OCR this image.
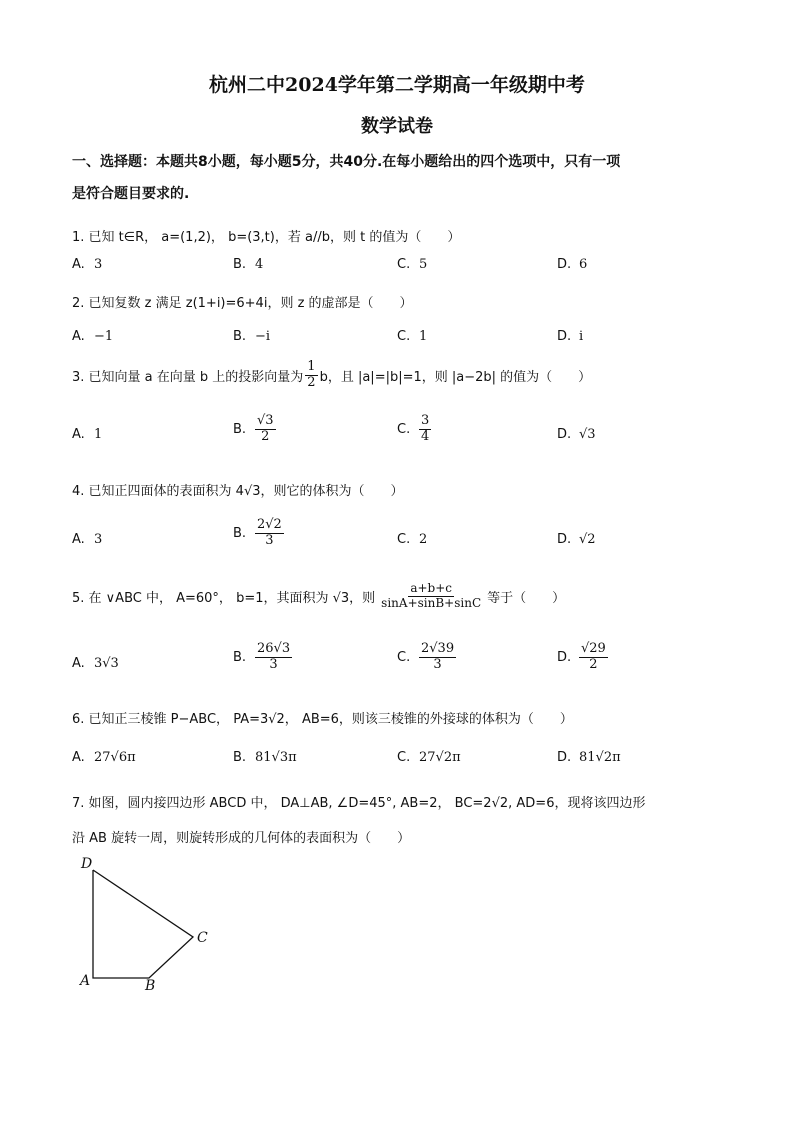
杭州二中2024学年第二学期高一年级期中考
数学试卷
一、选择题：本题共8小题，每小题5分，共40分.在每小题给出的四个选项中，只有一项
是符合题目要求的.
1. 已知 t∈R， a=(1,2)， b=(3,t)，若 a//b，则 t 的值为（　　）
A. 3	B. 4	C. 5	D. 6
2. 已知复数 z 满足 z(1+i)=6+4i，则 z 的虚部是（　　）
A. −1	B. −i	C. 1	D. i
3. 已知向量 a 在向量 b 上的投影向量为 $\frac{1}{2}$ b，且 |a|=|b|=1，则 |a−2b| 的值为（　　）
A. 1	B. $\frac{√3}{2}$	C. $\frac{3}{4}$	D. √3
4. 已知正四面体的表面积为 4√3，则它的体积为（　　）
A. 3	B. $\frac{2√2}{3}$	C. 2	D. √2
5. 在 ∨ABC 中， A=60°， b=1，其面积为 √3，则 $\frac{a+b+c}{\sin A+\sin B+\sin C}$ 等于（　　）
A. 3√3	B. $\frac{26√3}{3}$	C. $\frac{2√39}{3}$	D. $\frac{√29}{2}$
6. 已知正三棱锥 P−ABC， PA=3√2， AB=6，则该三棱锥的外接球的体积为（　　）
A. 27√6π	B. 81√3π	C. 27√2π	D. 81√2π
7. 如图，圆内接四边形 ABCD 中， DA⊥AB, ∠D=45°, AB=2， BC=2√2, AD=6，现将该四边形
沿 AB 旋转一周，则旋转形成的几何体的表面积为（　　）
D
A	B
C
